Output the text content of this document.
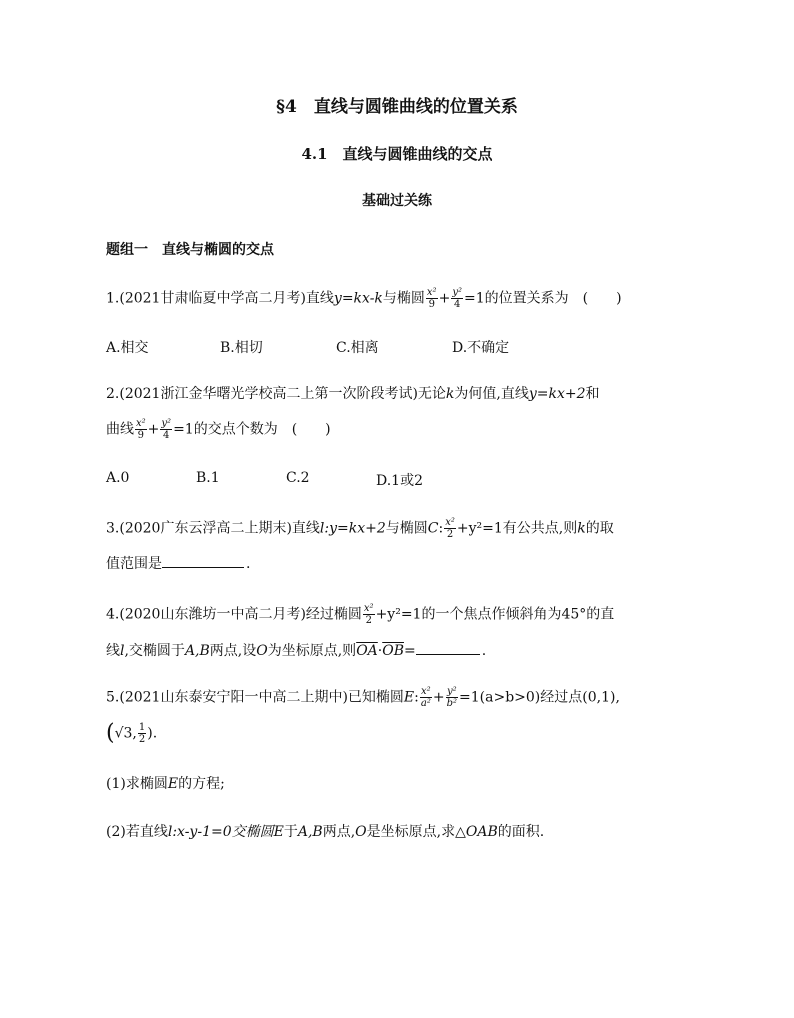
§4　直线与圆锥曲线的位置关系
4.1　直线与圆锥曲线的交点
基础过关练
题组一　直线与椭圆的交点
1.(2021甘肃临夏中学高二月考)直线y=kx-k与椭圆 $\frac{\text{x²}}{9} + \frac{\text{y²}}{4} =1$的位置关系为　(　　)
A.相交	B.相切	C.相离	D.不确定
2.(2021浙江金华曙光学校高二上第一次阶段考试)无论k为何值,直线y=kx+2和
曲线 $\frac{\text{x²}}{9} + \frac{\text{y²}}{4} =1$的交点个数为　(　　)
A.0	B.1	C.2	D.1或2
3.(2020广东云浮高二上期末)直线l:y=kx+2与椭圆C: $\frac{\text{x²}}{2} +y^2=1$有公共点,则k的取
值范围是	.
4.(2020山东潍坊一中高二月考)经过椭圆 $\frac{\text{x²}}{2} +y^2=1$的一个焦点作倾斜角为45°的直
线l,交椭圆于A,B两点,设O为坐标原点,则$\overline{OA}\cdot\overline{OB}=$	.
5.(2021山东泰安宁阳一中高二上期中)已知椭圆E: $\frac{\text{x²}}{\text{a²}} + \frac{\text{y²}}{\text{b²}} =1(a>b>0)$经过点(0,1),
(√3, $\frac{1}{2}$ ).
(1)求椭圆E的方程;
(2)若直线l:x-y-1=0交椭圆E于A,B两点,O是坐标原点,求△OAB的面积.
